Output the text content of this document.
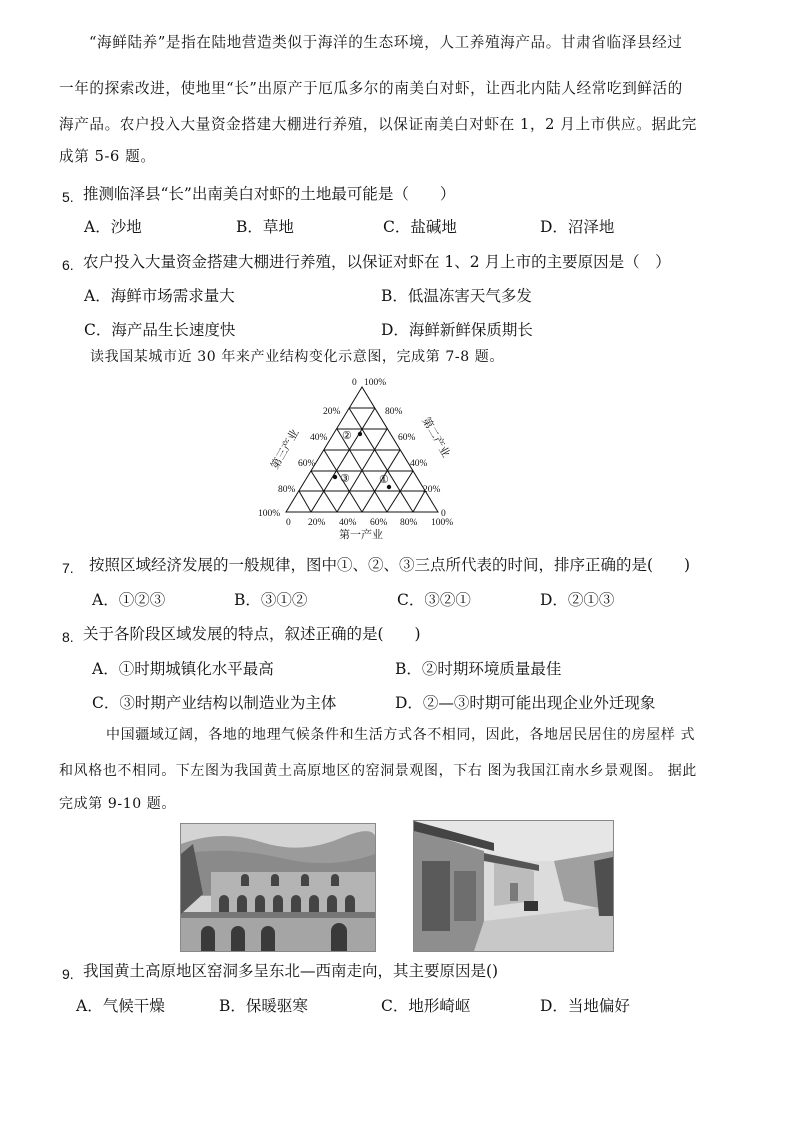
“海鲜陆养”是指在陆地营造类似于海洋的生态环境，人工养殖海产品。甘肃省临泽县经过
一年的探索改进，使地里“长”出原产于厄瓜多尔的南美白对虾，让西北内陆人经常吃到鲜活的
海产品。农户投入大量资金搭建大棚进行养殖，以保证南美白对虾在 1，2 月上市供应。据此完
成第 5-6 题。
5. 推测临泽县“长”出南美白对虾的土地最可能是（　　）
A．沙地	B．草地	C．盐碱地	D．沼泽地
6. 农户投入大量资金搭建大棚进行养殖，以保证对虾在 1、2 月上市的主要原因是（　）
A．海鲜市场需求量大	B．低温冻害天气多发
C．海产品生长速度快	D．海鲜新鲜保质期长
读我国某城市近 30 年来产业结构变化示意图，完成第 7-8 题。
0
20%
40%
60%
80%
100%
100%
80%
60%
40%
20%
0
0 20% 40% 60% 80% 100%
第三产业	第二产业
第一产业
②
③	①
7. 按照区域经济发展的一般规律，图中①、②、③三点所代表的时间，排序正确的是(　　)
A．①②③	B．③①②	C．③②①	D．②①③
8. 关于各阶段区域发展的特点，叙述正确的是(　　)
A．①时期城镇化水平最高	B．②时期环境质量最佳
C．③时期产业结构以制造业为主体	D．②—③时期可能出现企业外迁现象
中国疆域辽阔，各地的地理气候条件和生活方式各不相同，因此，各地居民居住的房屋样 式
和风格也不相同。下左图为我国黄土高原地区的窑洞景观图，下右 图为我国江南水乡景观图。 据此
完成第 9-10 题。
9. 我国黄土高原地区窑洞多呈东北—西南走向，其主要原因是()
A．气候干燥	B．保暖驱寒	C．地形崎岖	D．当地偏好
